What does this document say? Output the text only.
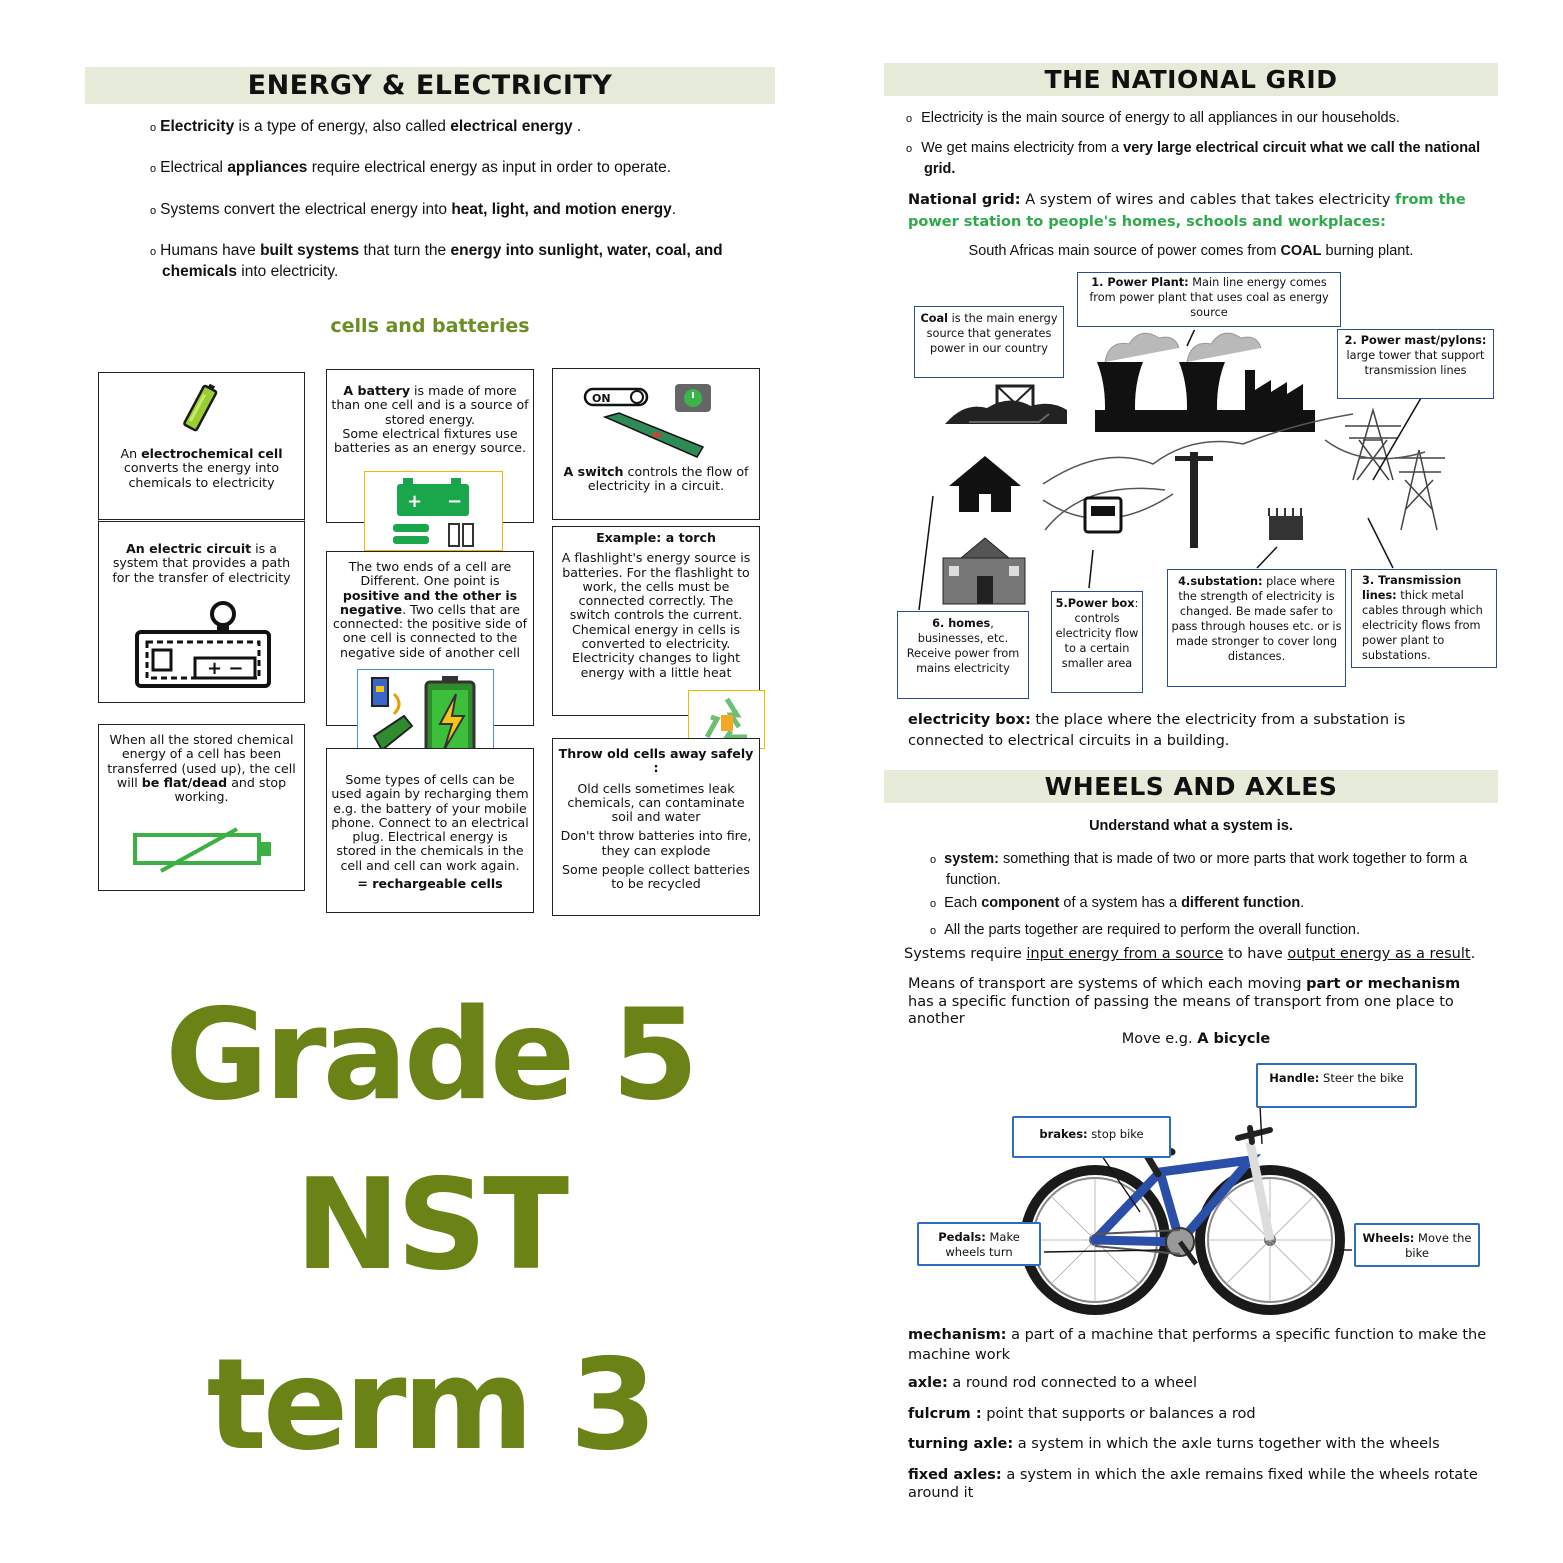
ENERGY & ELECTRICITY
o Electricity is a type of energy, also called electrical energy .
o Electrical appliances require electrical energy as input in order to operate.
o Systems convert the electrical energy into heat, light, and motion energy.
o Humans have built systems that turn the energy into sunlight, water, coal, and chemicals into electricity.
cells and batteries
An electrochemical cell converts the energy into chemicals to electricity
An electric circuit is a system that provides a path for the transfer of electricity
+ −
When all the stored chemical energy of a cell has been transferred (used up), the cell will be flat/dead and stop working.
A battery is made of more than one cell and is a source of stored energy.
Some electrical fixtures use batteries as an energy source.
+ −
The two ends of a cell are Different. One point is positive and the other is negative. Two cells that are connected: the positive side of one cell is connected to the negative side of another cell
Some types of cells can be used again by recharging them e.g. the battery of your mobile phone. Connect to an electrical plug. Electrical energy is stored in the chemicals in the cell and cell can work again.

= rechargeable cells
ON
A switch controls the flow of electricity in a circuit.
Example: a torch
A flashlight's energy source is batteries. For the flashlight to work, the cells must be connected correctly. The switch controls the current. Chemical energy in cells is converted to electricity.
Electricity changes to light energy with a little heat
Throw old cells away safely
:
Old cells sometimes leak chemicals, can contaminate soil and water
Don't throw batteries into fire, they can explode
Some people collect batteries to be recycled
Grade 5
NST
term 3
THE NATIONAL GRID
o Electricity is the main source of energy to all appliances in our households.
o We get mains electricity from a very large electrical circuit what we call the national grid.
National grid: A system of wires and cables that takes electricity from the power station to people's homes, schools and workplaces:
South Africas main source of power comes from COAL burning plant.
Coal is the main energy source that generates power in our country
1. Power Plant: Main line energy comes from power plant that uses coal as energy source
2. Power mast/pylons: large tower that support transmission lines
3. Transmission lines: thick metal cables through which electricity flows from power plant to substations.
4.substation: place where the strength of electricity is changed. Be made safer to pass through houses etc. or is made stronger to cover long distances.
5.Power box: controls electricity flow to a certain smaller area
6. homes, businesses, etc. Receive power from mains electricity
electricity box: the place where the electricity from a substation is connected to electrical circuits in a building.
WHEELS AND AXLES
Understand what a system is.
o system: something that is made of two or more parts that work together to form a function.
o Each component of a system has a different function.
o All the parts together are required to perform the overall function.
Systems require input energy from a source to have output energy as a result.
Means of transport are systems of which each moving part or mechanism has a specific function of passing the means of transport from one place to another
Move e.g. A bicycle
Handle: Steer the bike
brakes: stop bike
Pedals: Make wheels turn
Wheels: Move the bike
mechanism: a part of a machine that performs a specific function to make the machine work
axle: a round rod connected to a wheel
fulcrum : point that supports or balances a rod
turning axle: a system in which the axle turns together with the wheels
fixed axles: a system in which the axle remains fixed while the wheels rotate around it
